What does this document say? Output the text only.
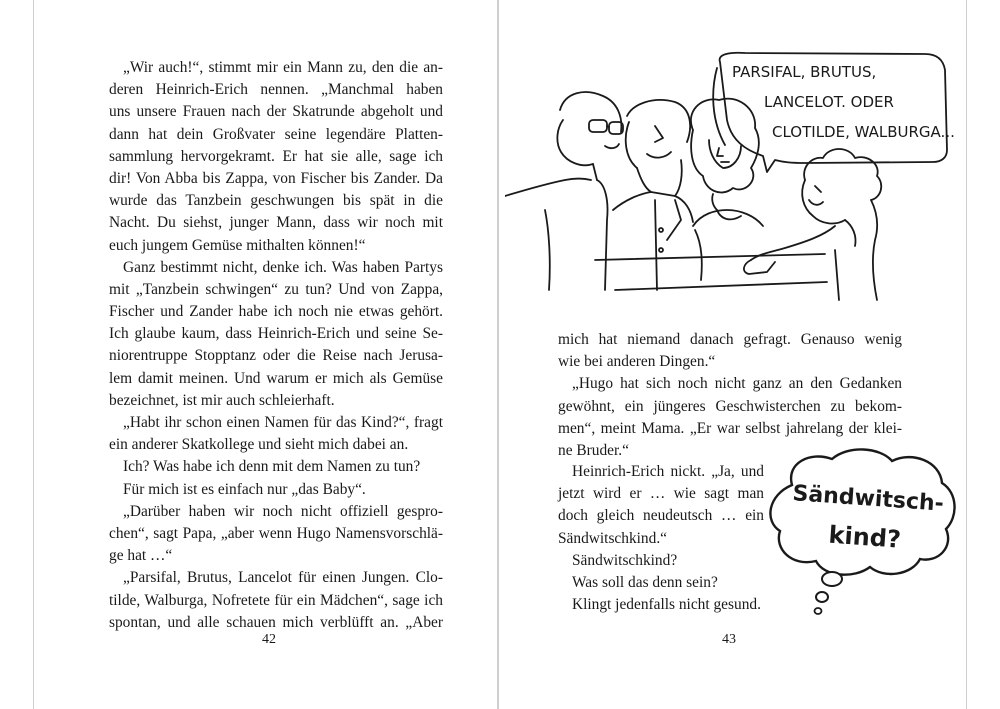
„Wir auch!“, stimmt mir ein Mann zu, den die an-
deren Heinrich-Erich nennen. „Manchmal haben
uns unsere Frauen nach der Skatrunde abgeholt und
dann hat dein Großvater seine legendäre Platten-
sammlung hervorgekramt. Er hat sie alle, sage ich
dir! Von Abba bis Zappa, von Fischer bis Zander. Da
wurde das Tanzbein geschwungen bis spät in die
Nacht. Du siehst, junger Mann, dass wir noch mit
euch jungem Gemüse mithalten können!“
Ganz bestimmt nicht, denke ich. Was haben Partys
mit „Tanzbein schwingen“ zu tun? Und von Zappa,
Fischer und Zander habe ich noch nie etwas gehört.
Ich glaube kaum, dass Heinrich-Erich und seine Se-
niorentruppe Stopptanz oder die Reise nach Jerusa-
lem damit meinen. Und warum er mich als Gemüse
bezeichnet, ist mir auch schleierhaft.
„Habt ihr schon einen Namen für das Kind?“, fragt
ein anderer Skatkollege und sieht mich dabei an.
Ich? Was habe ich denn mit dem Namen zu tun?
Für mich ist es einfach nur „das Baby“.
„Darüber haben wir noch nicht offiziell gespro-
chen“, sagt Papa, „aber wenn Hugo Namensvorschlä-
ge hat …“
„Parsifal, Brutus, Lancelot für einen Jungen. Clo-
tilde, Walburga, Nofretete für ein Mädchen“, sage ich
spontan, und alle schauen mich verblüfft an. „Aber
42
PARSIFAL, BRUTUS,
LANCELOT. ODER
CLOTILDE, WALBURGA...
mich hat niemand danach gefragt. Genauso wenig
wie bei anderen Dingen.“
„Hugo hat sich noch nicht ganz an den Gedanken
gewöhnt, ein jüngeres Geschwisterchen zu bekom-
men“, meint Mama. „Er war selbst jahrelang der klei-
ne Bruder.“
Heinrich-Erich nickt. „Ja, und
jetzt wird er … wie sagt man
doch gleich neudeutsch … ein
Sändwitschkind.“
Sändwitschkind?
Was soll das denn sein?
Klingt jedenfalls nicht gesund.
Sändwitsch-
kind?
43
